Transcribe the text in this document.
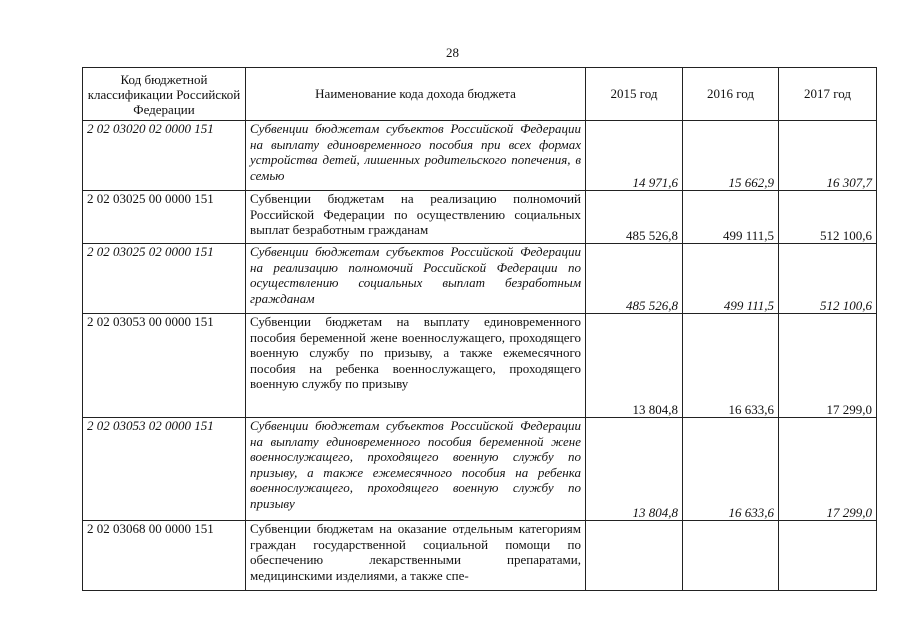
28
Код бюджетной классификации Российской Федерации	Наименование кода дохода бюджета	2015 год	2016 год	2017 год
2 02 03020 02 0000 151	Субвенции бюджетам субъектов Российской Федерации на выплату единовременного пособия при всех формах устройства детей, лишенных родительского попечения, в семью	14 971,6	15 662,9	16 307,7
2 02 03025 00 0000 151	Субвенции бюджетам на реализацию полномочий Российской Федерации по осуществлению социальных выплат безработным гражданам	485 526,8	499 111,5	512 100,6
2 02 03025 02 0000 151	Субвенции бюджетам субъектов Российской Федерации на реализацию полномочий Российской Федерации по осуществлению социальных выплат безработным гражданам	485 526,8	499 111,5	512 100,6
2 02 03053 00 0000 151	Субвенции бюджетам на выплату единовременного пособия беременной жене военнослужащего, проходящего военную службу по призыву, а также ежемесячного пособия на ребенка военнослужащего, проходящего военную службу по призыву	13 804,8	16 633,6	17 299,0
2 02 03053 02 0000 151	Субвенции бюджетам субъектов Российской Федерации на выплату единовременного пособия беременной жене военнослужащего, проходящего военную службу по призыву, а также ежемесячного пособия на ребенка военнослужащего, проходящего военную службу по призыву	13 804,8	16 633,6	17 299,0
2 02 03068 00 0000 151	Субвенции бюджетам на оказание отдельным категориям граждан государственной социальной помощи по обеспечению лекарственными препаратами, медицинскими изделиями, а также спе-			
